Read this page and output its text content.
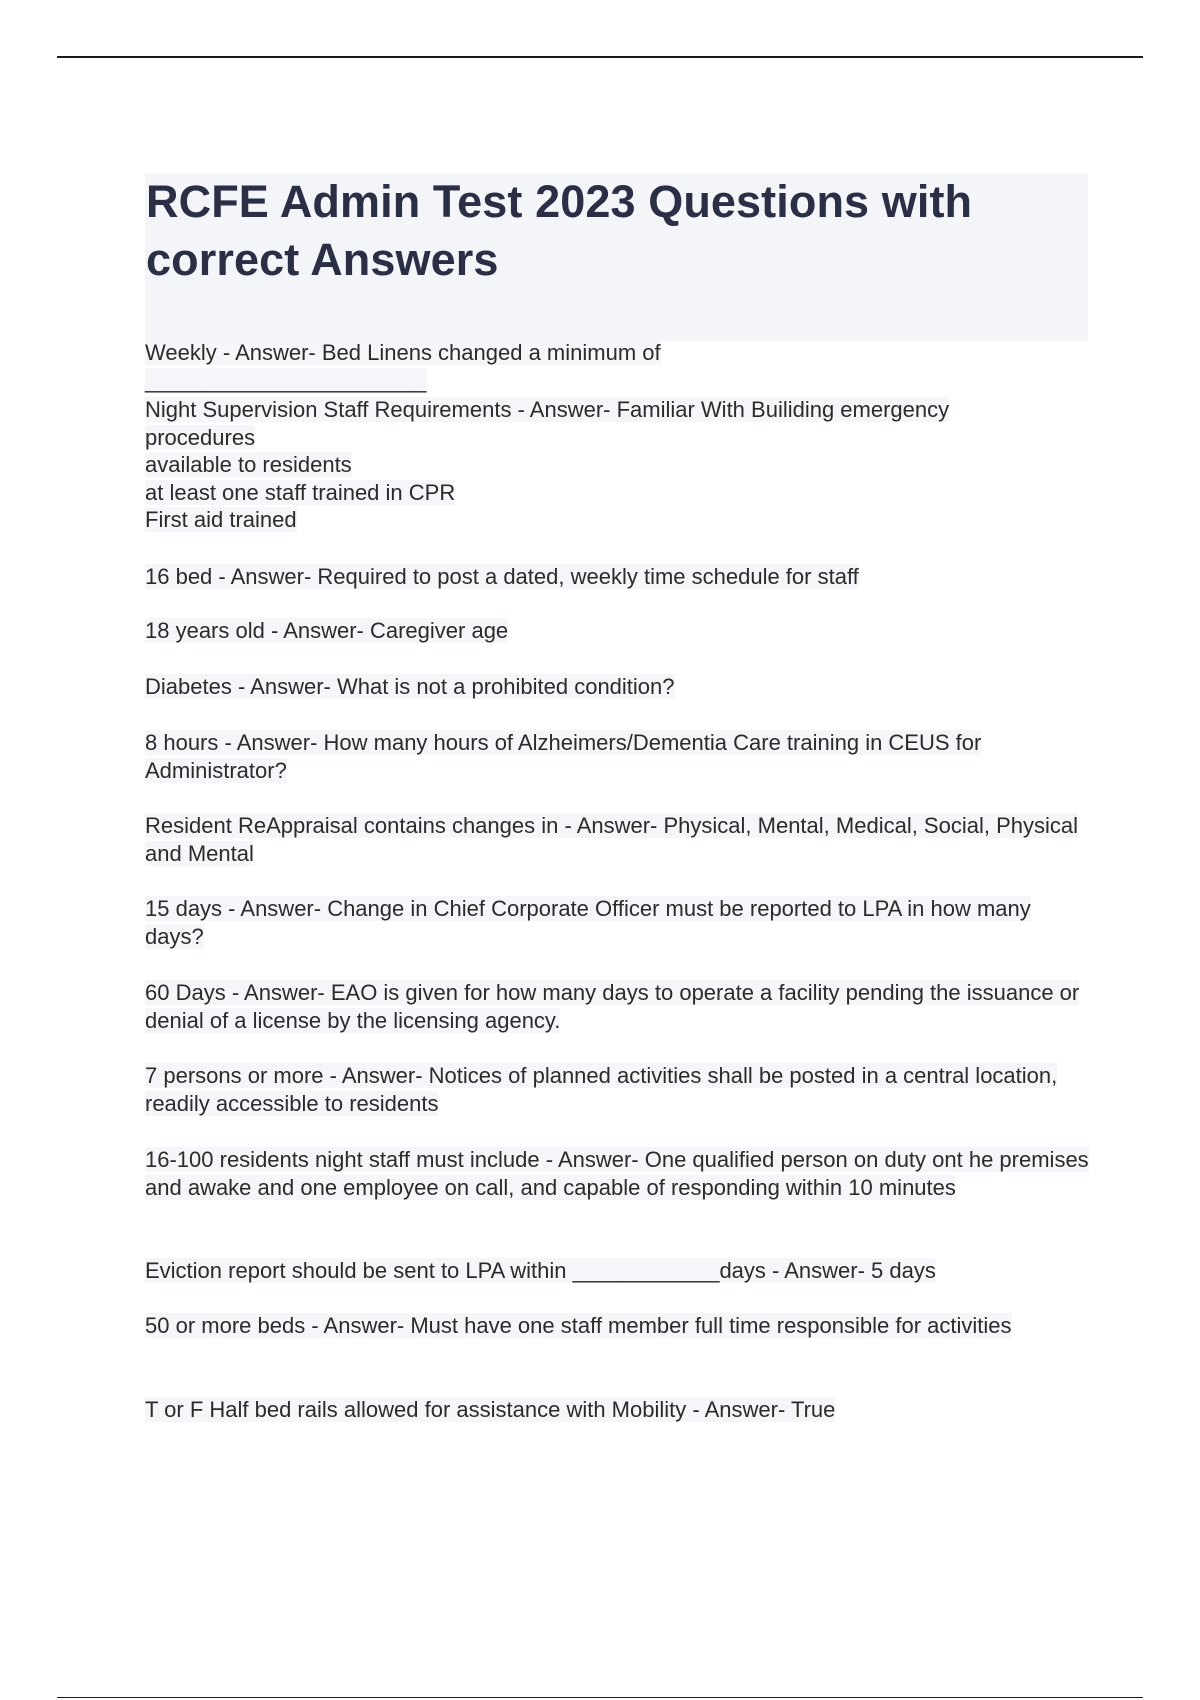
RCFE Admin Test 2023 Questions with correct Answers

Weekly - Answer- Bed Linens changed a minimum of _______________________

Night Supervision Staff Requirements - Answer- Familiar With Builiding emergency procedures
available to residents
at least one staff trained in CPR
First aid trained

16 bed - Answer- Required to post a dated, weekly time schedule for staff

18 years old - Answer- Caregiver age

Diabetes - Answer- What is not a prohibited condition?

8 hours - Answer- How many hours of Alzheimers/Dementia Care training in CEUS for Administrator?

Resident ReAppraisal contains changes in - Answer- Physical, Mental, Medical, Social, Physical and Mental

15 days - Answer- Change in Chief Corporate Officer must be reported to LPA in how many days?

60 Days - Answer- EAO is given for how many days to operate a facility pending the issuance or denial of a license by the licensing agency.

7 persons or more - Answer- Notices of planned activities shall be posted in a central location, readily accessible to residents

16-100 residents night staff must include - Answer- One qualified person on duty ont he premises and awake and one employee on call, and capable of responding within 10 minutes

Eviction report should be sent to LPA within ____________days - Answer- 5 days

50 or more beds - Answer- Must have one staff member full time responsible for activities

T or F Half bed rails allowed for assistance with Mobility - Answer- True
